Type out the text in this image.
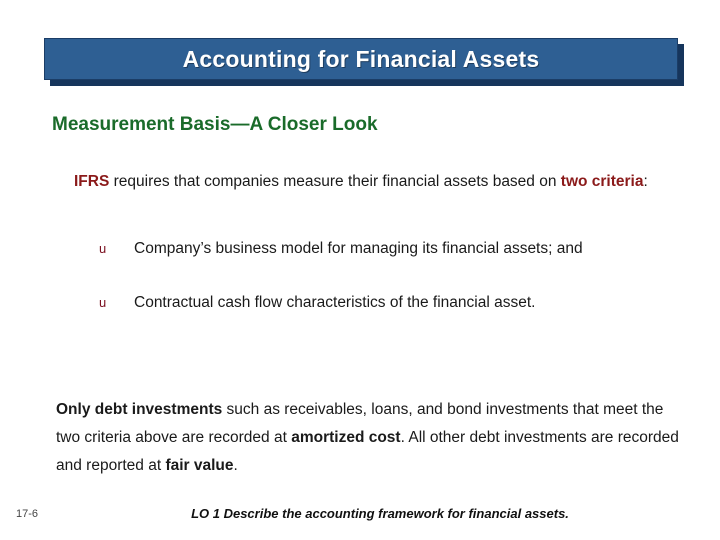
Accounting for Financial Assets
Measurement Basis—A Closer Look
IFRS requires that companies measure their financial assets based on two criteria:
u	Company’s business model for managing its financial assets; and
u	Contractual cash flow characteristics of the financial asset.
Only debt investments such as receivables, loans, and bond investments that meet the two criteria above are recorded at amortized cost. All other debt investments are recorded and reported at fair value.
17-6	LO 1 Describe the accounting framework for financial assets.
